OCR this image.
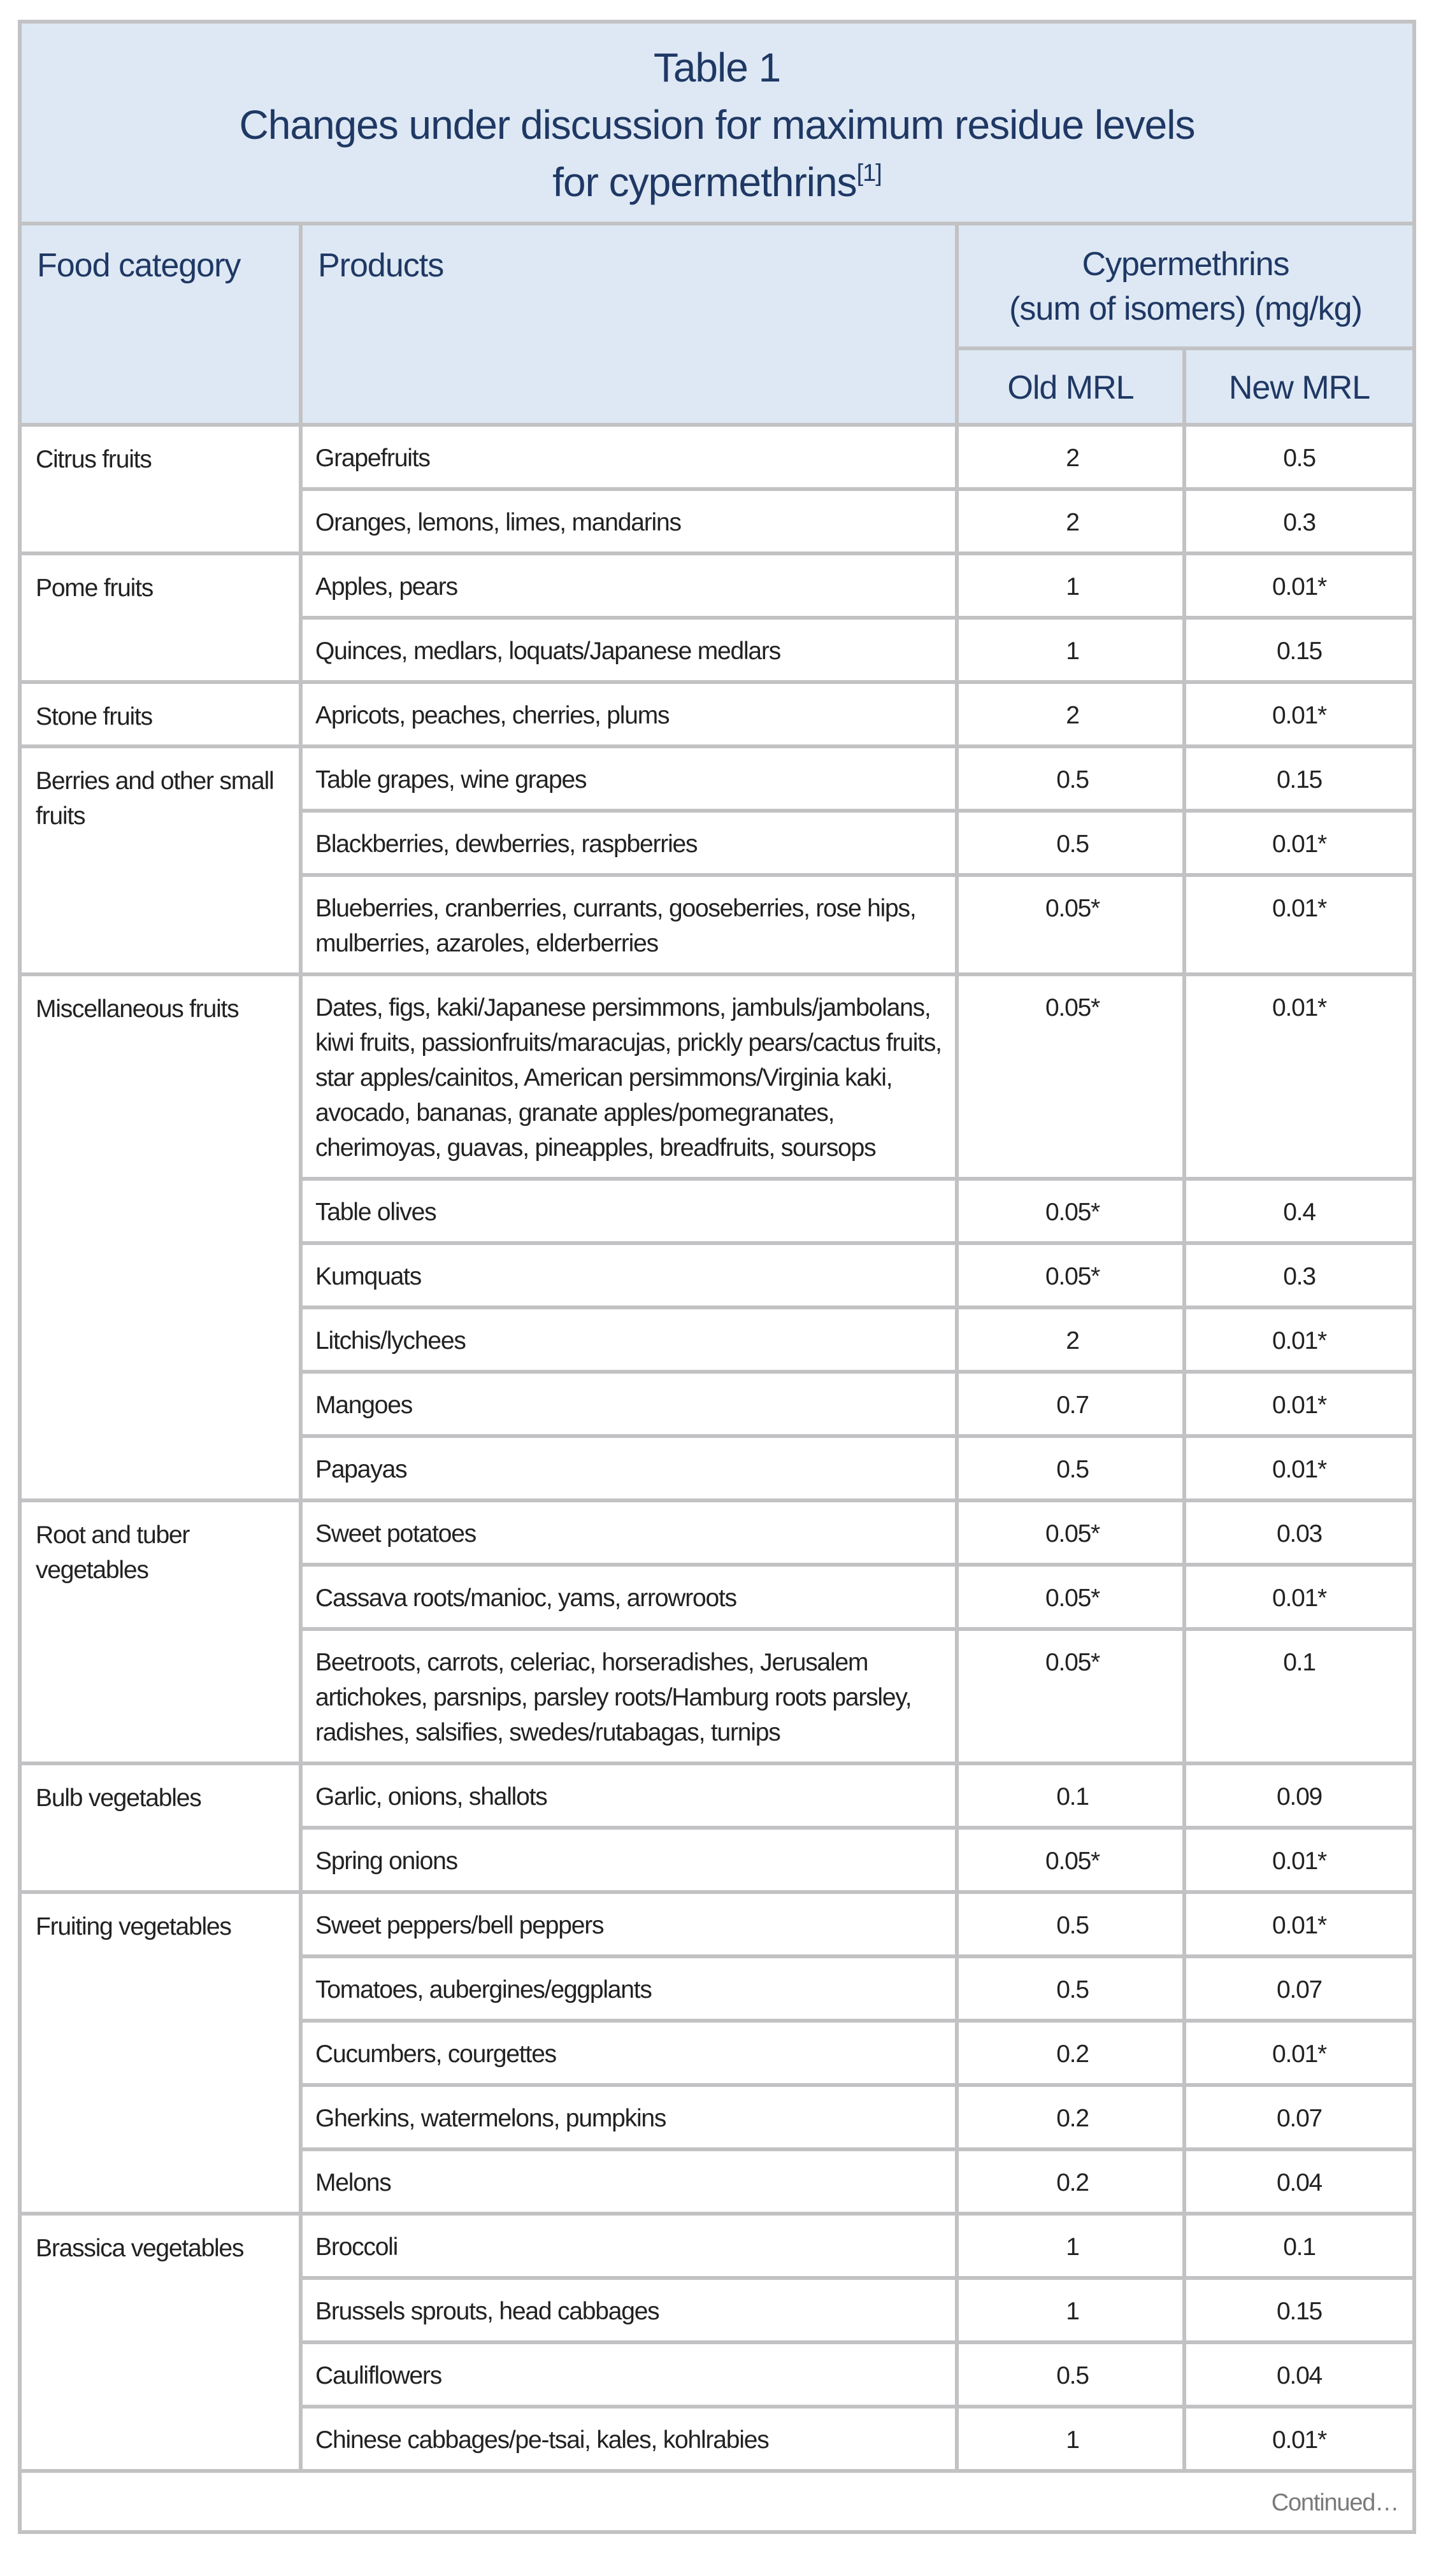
Table 1
Changes under discussion for maximum residue levels
for cypermethrins[1]

Food category	Products	Cypermethrins
(sum of isomers) (mg/kg)	

		Old MRL	New MRL
Citrus fruits	Grapefruits	2	0.5
	Oranges, lemons, limes, mandarins	2	0.3
Pome fruits	Apples, pears	1	0.01*
	Quinces, medlars, loquats/Japanese medlars	1	0.15
Stone fruits	Apricots, peaches, cherries, plums	2	0.01*
Berries and other small fruits	Table grapes, wine grapes	0.5	0.15
	Blackberries, dewberries, raspberries	0.5	0.01*
	Blueberries, cranberries, currants, gooseberries, rose hips, mulberries, azaroles, elderberries	0.05*	0.01*
Miscellaneous fruits	Dates, figs, kaki/Japanese persimmons, jambuls/jambolans, kiwi fruits, passionfruits/maracujas, prickly pears/cactus fruits, star apples/cainitos, American persimmons/Virginia kaki, avocado, bananas, granate apples/pomegranates, cherimoyas, guavas, pineapples, breadfruits, soursops	0.05*	0.01*
	Table olives	0.05*	0.4
	Kumquats	0.05*	0.3
	Litchis/lychees	2	0.01*
	Mangoes	0.7	0.01*
	Papayas	0.5	0.01*
Root and tuber vegetables	Sweet potatoes	0.05*	0.03
	Cassava roots/manioc, yams, arrowroots	0.05*	0.01*
	Beetroots, carrots, celeriac, horseradishes, Jerusalem artichokes, parsnips, parsley roots/Hamburg roots parsley, radishes, salsifies, swedes/rutabagas, turnips	0.05*	0.1
Bulb vegetables	Garlic, onions, shallots	0.1	0.09
	Spring onions	0.05*	0.01*
Fruiting vegetables	Sweet peppers/bell peppers	0.5	0.01*
	Tomatoes, aubergines/eggplants	0.5	0.07
	Cucumbers, courgettes	0.2	0.01*
	Gherkins, watermelons, pumpkins	0.2	0.07
	Melons	0.2	0.04
Brassica vegetables	Broccoli	1	0.1
	Brussels sprouts, head cabbages	1	0.15
	Cauliflowers	0.5	0.04
	Chinese cabbages/pe-tsai, kales, kohlrabies	1	0.01*
Continued…			
